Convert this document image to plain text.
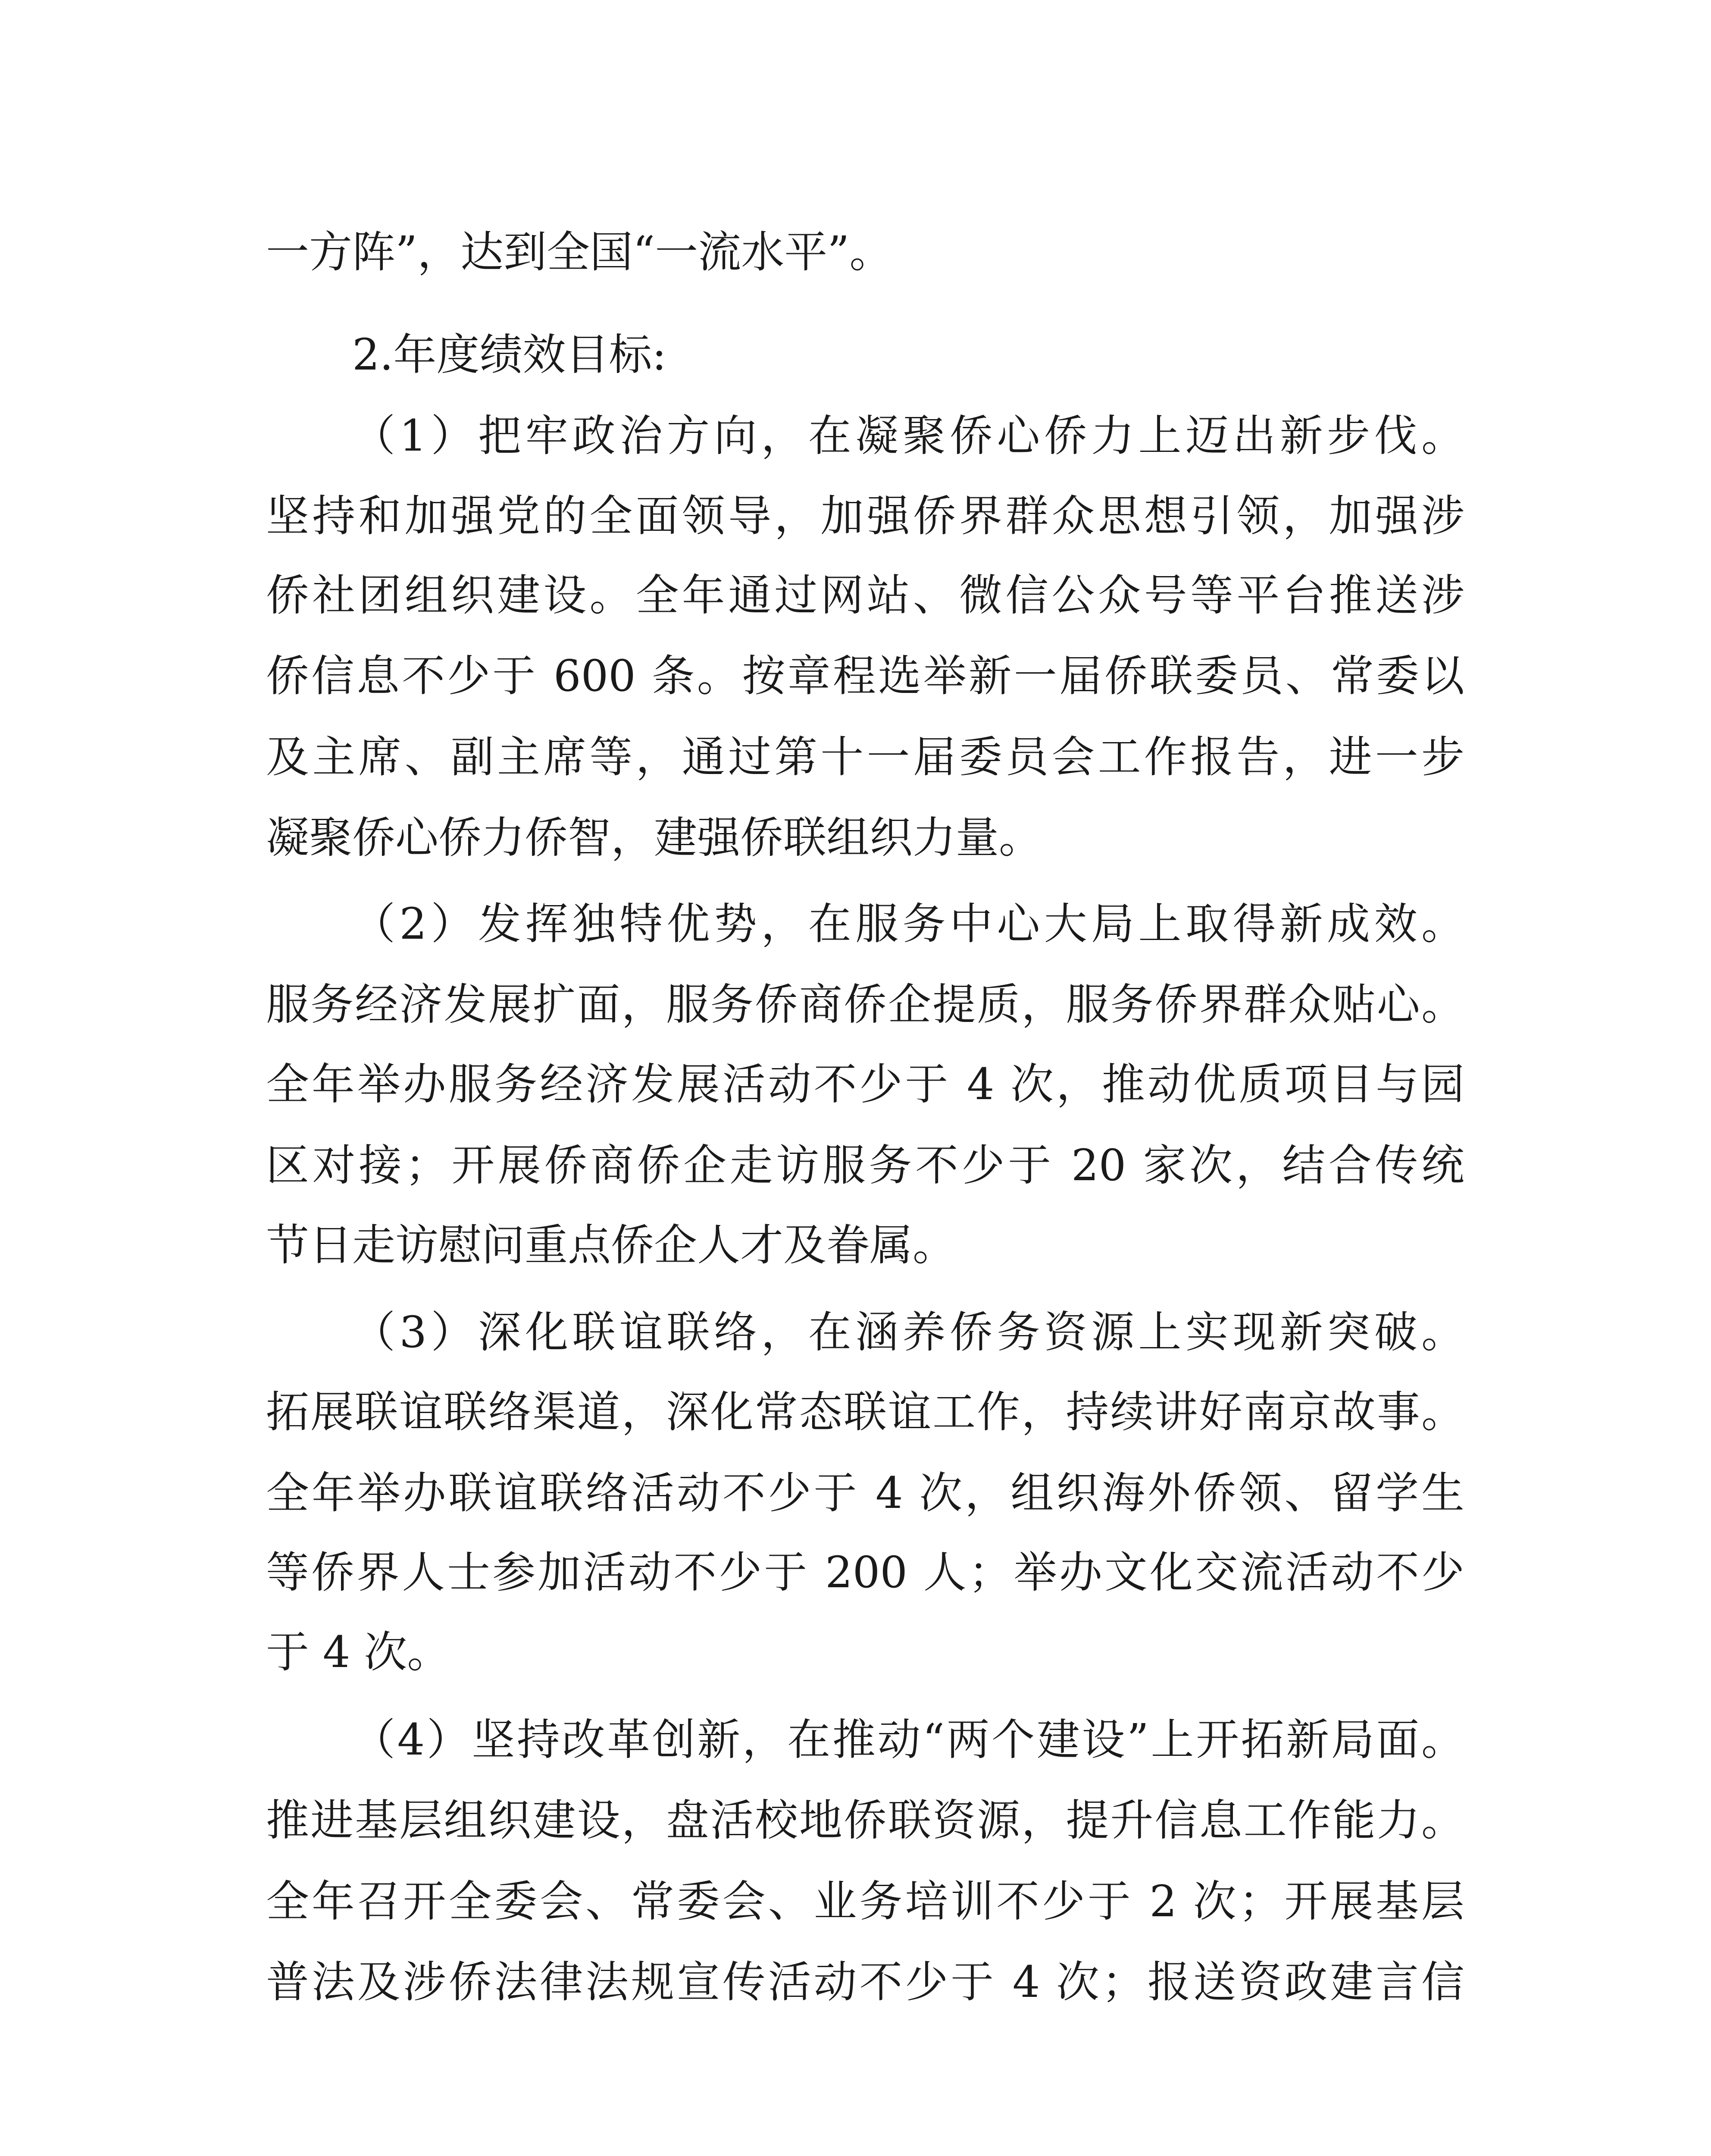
一方阵”，达到全国“一流水平”。
2.年度绩效目标:
（1）把牢政治方向，在凝聚侨心侨力上迈出新步伐。
坚持和加强党的全面领导，加强侨界群众思想引领，加强涉
侨社团组织建设。全年通过网站、微信公众号等平台推送涉
侨信息不少于 600 条。按章程选举新一届侨联委员、常委以
及主席、副主席等，通过第十一届委员会工作报告，进一步
凝聚侨心侨力侨智，建强侨联组织力量。
（2）发挥独特优势，在服务中心大局上取得新成效。
服务经济发展扩面，服务侨商侨企提质，服务侨界群众贴心。
全年举办服务经济发展活动不少于 4 次，推动优质项目与园
区对接；开展侨商侨企走访服务不少于 20 家次，结合传统
节日走访慰问重点侨企人才及眷属。
（3）深化联谊联络，在涵养侨务资源上实现新突破。
拓展联谊联络渠道，深化常态联谊工作，持续讲好南京故事。
全年举办联谊联络活动不少于 4 次，组织海外侨领、留学生
等侨界人士参加活动不少于 200 人；举办文化交流活动不少
于 4 次。
（4）坚持改革创新，在推动“两个建设”上开拓新局面。
推进基层组织建设，盘活校地侨联资源，提升信息工作能力。
全年召开全委会、常委会、业务培训不少于 2 次；开展基层
普法及涉侨法律法规宣传活动不少于 4 次；报送资政建言信
